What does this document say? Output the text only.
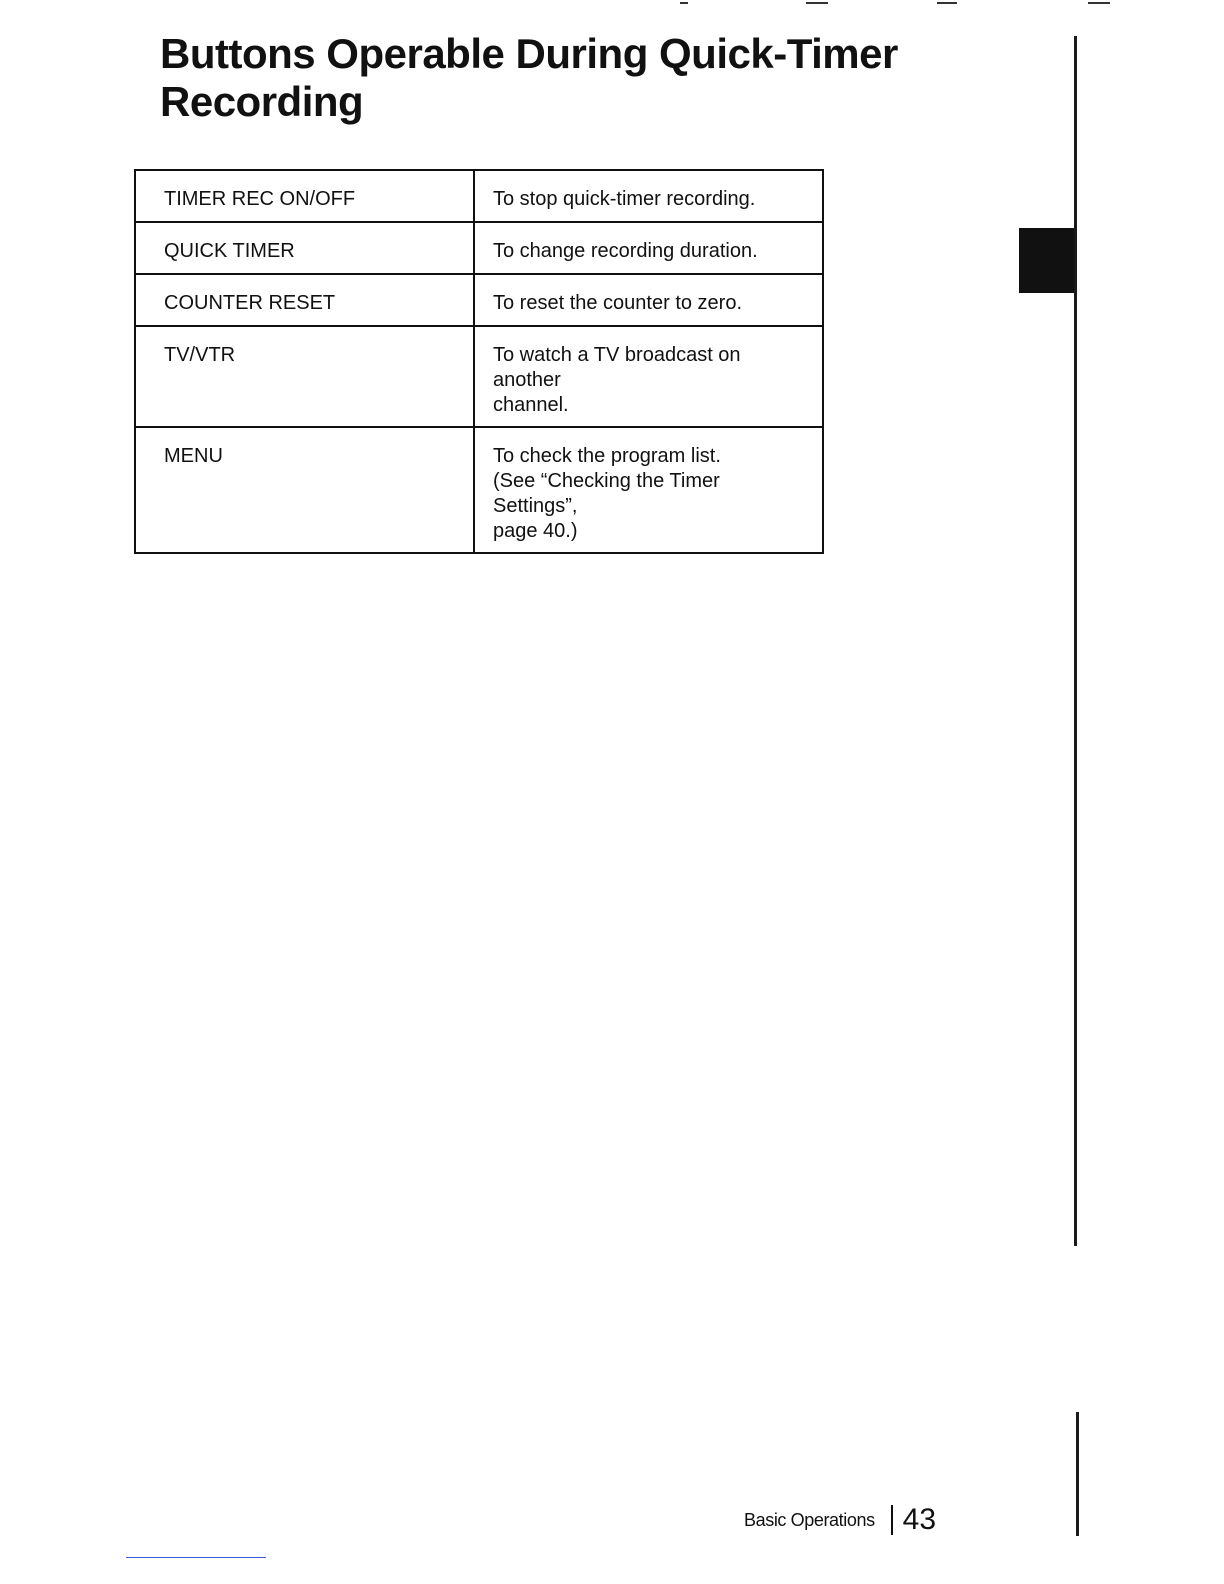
Buttons Operable During Quick-Timer Recording
TIMER REC ON/OFF	To stop quick-timer recording.
QUICK TIMER	To change recording duration.
COUNTER RESET	To reset the counter to zero.
TV/VTR	To watch a TV broadcast on another
channel.
MENU	To check the program list.
(See “Checking the Timer Settings”,
page 40.)
Basic Operations 43
